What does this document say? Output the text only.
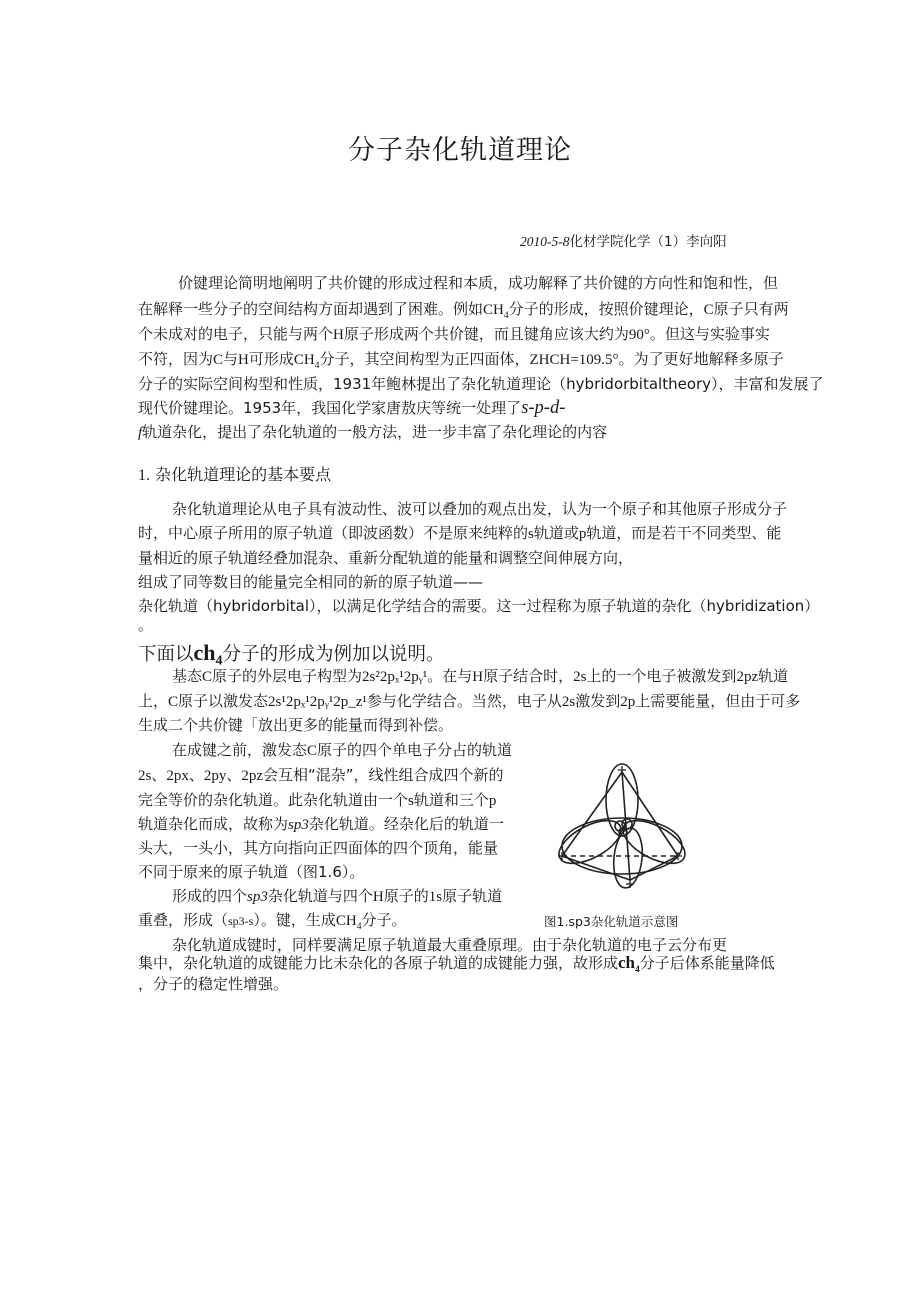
分子杂化轨道理论
2010-5-8化材学院化学（1）李向阳
价键理论简明地阐明了共价键的形成过程和本质，成功解释了共价键的方向性和饱和性，但
在解释一些分子的空间结构方面却遇到了困难。例如$CH_4$分子的形成，按照价键理论，C原子只有两
个未成对的电子，只能与两个H原子形成两个共价键，而且键角应该大约为90°。但这与实验事实
不符，因为C与H可形成$CH_4$分子，其空间构型为正四面体，ZHCH=109.5°。为了更好地解释多原子
分子的实际空间构型和性质，1931年鲍林提出了杂化轨道理论（hybridorbitaltheory），丰富和发展了
现代价键理论。1953年，我国化学家唐敖庆等统一处理了s-p-d-
f轨道杂化，提出了杂化轨道的一般方法，进一步丰富了杂化理论的内容
1. 杂化轨道理论的基本要点
杂化轨道理论从电子具有波动性、波可以叠加的观点出发，认为一个原子和其他原子形成分子
时，中心原子所用的原子轨道（即波函数）不是原来纯粹的s轨道或p轨道，而是若干不同类型、能
量相近的原子轨道经叠加混杂、重新分配轨道的能量和调整空间伸展方向，
组成了同等数目的能量完全相同的新的原子轨道——
杂化轨道（hybridorbital），以满足化学结合的需要。这一过程称为原子轨道的杂化（hybridization）
。
下面以$ch_4$分子的形成为例加以说明。
基态C原子的外层电子构型为2s²2pₓ¹2pᵧ¹。在与H原子结合时，2s上的一个电子被激发到2pz轨道
上，C原子以激发态2s¹2pₓ¹2pᵧ¹2p_z¹参与化学结合。当然，电子从2s激发到2p上需要能量，但由于可多
生成二个共价键「放出更多的能量而得到补偿。
在成键之前，激发态C原子的四个单电子分占的轨道
2s、2px、2py、2pz会互相“混杂”，线性组合成四个新的
完全等价的杂化轨道。此杂化轨道由一个s轨道和三个p
轨道杂化而成，故称为sp3杂化轨道。经杂化后的轨道一
头大，一头小，其方向指向正四面体的四个顶角，能量
不同于原来的原子轨道（图1.6）。
形成的四个sp3杂化轨道与四个H原子的1s原子轨道
重叠，形成（sp3-s）。键，生成$CH_4$分子。	图1.sp3杂化轨道示意图
杂化轨道成键时，同样要满足原子轨道最大重叠原理。由于杂化轨道的电子云分布更
集中，杂化轨道的成键能力比未杂化的各原子轨道的成键能力强，故形成$ch_4$分子后体系能量降低
，分子的稳定性增强。
